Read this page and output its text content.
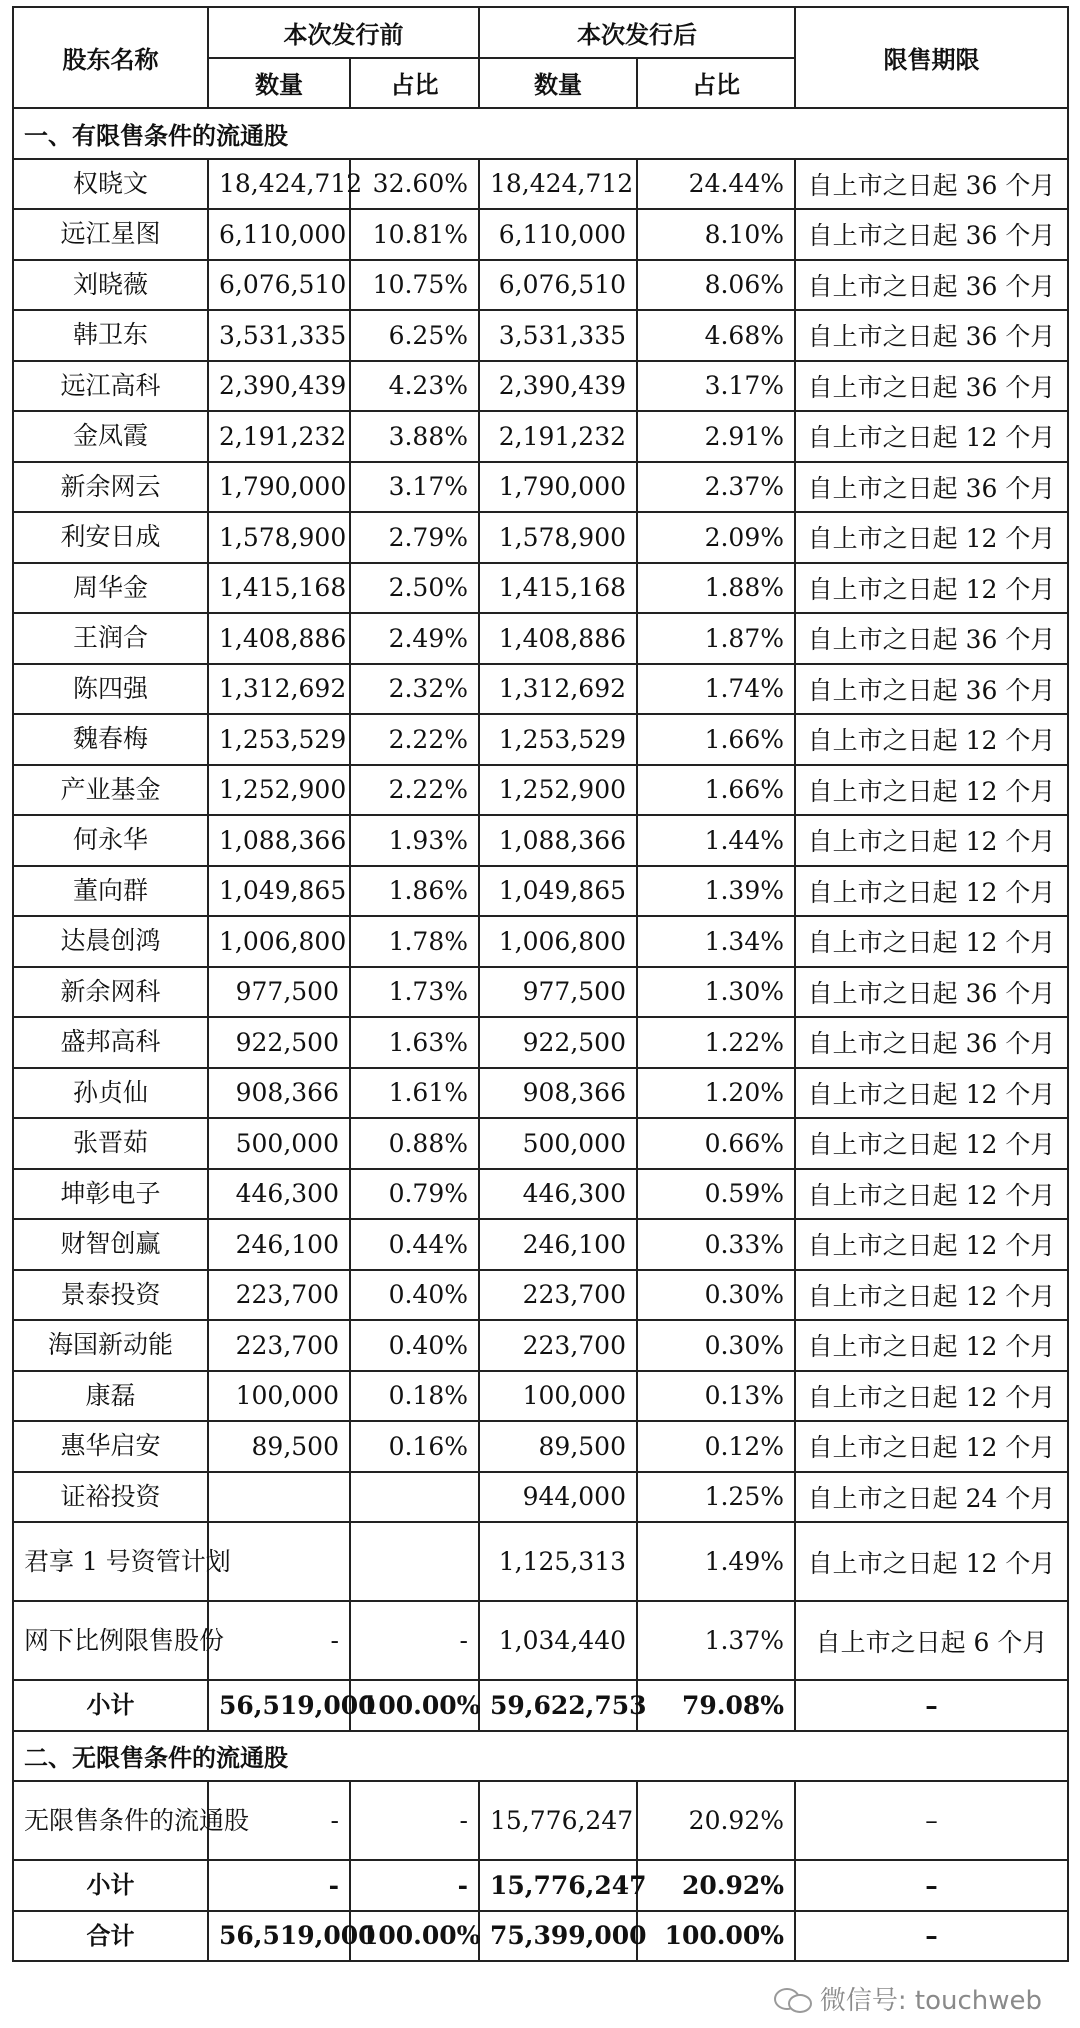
股东名称	本次发行前		本次发行后		限售期限
	数量	占比	数量	占比	
一、有限售条件的流通股					
权晓文	18,424,712	32.60%	18,424,712	24.44%	自上市之日起 36 个月
远江星图	6,110,000	10.81%	6,110,000	8.10%	自上市之日起 36 个月
刘晓薇	6,076,510	10.75%	6,076,510	8.06%	自上市之日起 36 个月
韩卫东	3,531,335	6.25%	3,531,335	4.68%	自上市之日起 36 个月
远江高科	2,390,439	4.23%	2,390,439	3.17%	自上市之日起 36 个月
金凤霞	2,191,232	3.88%	2,191,232	2.91%	自上市之日起 12 个月
新余网云	1,790,000	3.17%	1,790,000	2.37%	自上市之日起 36 个月
利安日成	1,578,900	2.79%	1,578,900	2.09%	自上市之日起 12 个月
周华金	1,415,168	2.50%	1,415,168	1.88%	自上市之日起 12 个月
王润合	1,408,886	2.49%	1,408,886	1.87%	自上市之日起 36 个月
陈四强	1,312,692	2.32%	1,312,692	1.74%	自上市之日起 36 个月
魏春梅	1,253,529	2.22%	1,253,529	1.66%	自上市之日起 12 个月
产业基金	1,252,900	2.22%	1,252,900	1.66%	自上市之日起 12 个月
何永华	1,088,366	1.93%	1,088,366	1.44%	自上市之日起 12 个月
董向群	1,049,865	1.86%	1,049,865	1.39%	自上市之日起 12 个月
达晨创鸿	1,006,800	1.78%	1,006,800	1.34%	自上市之日起 12 个月
新余网科	977,500	1.73%	977,500	1.30%	自上市之日起 36 个月
盛邦高科	922,500	1.63%	922,500	1.22%	自上市之日起 36 个月
孙贞仙	908,366	1.61%	908,366	1.20%	自上市之日起 12 个月
张晋茹	500,000	0.88%	500,000	0.66%	自上市之日起 12 个月
坤彰电子	446,300	0.79%	446,300	0.59%	自上市之日起 12 个月
财智创赢	246,100	0.44%	246,100	0.33%	自上市之日起 12 个月
景泰投资	223,700	0.40%	223,700	0.30%	自上市之日起 12 个月
海国新动能	223,700	0.40%	223,700	0.30%	自上市之日起 12 个月
康磊	100,000	0.18%	100,000	0.13%	自上市之日起 12 个月
惠华启安	89,500	0.16%	89,500	0.12%	自上市之日起 12 个月
证裕投资			944,000	1.25%	自上市之日起 24 个月
君享 1 号资管计划			1,125,313	1.49%	自上市之日起 12 个月
网下比例限售股份	-	-	1,034,440	1.37%	自上市之日起 6 个月
小计	56,519,000	100.00%	59,622,753	79.08%	–
二、无限售条件的流通股					
无限售条件的流通股	-	-	15,776,247	20.92%	–
小计	-	-	15,776,247	20.92%	–
合计	56,519,000	100.00%	75,399,000	100.00%	–
微信号: touchweb
